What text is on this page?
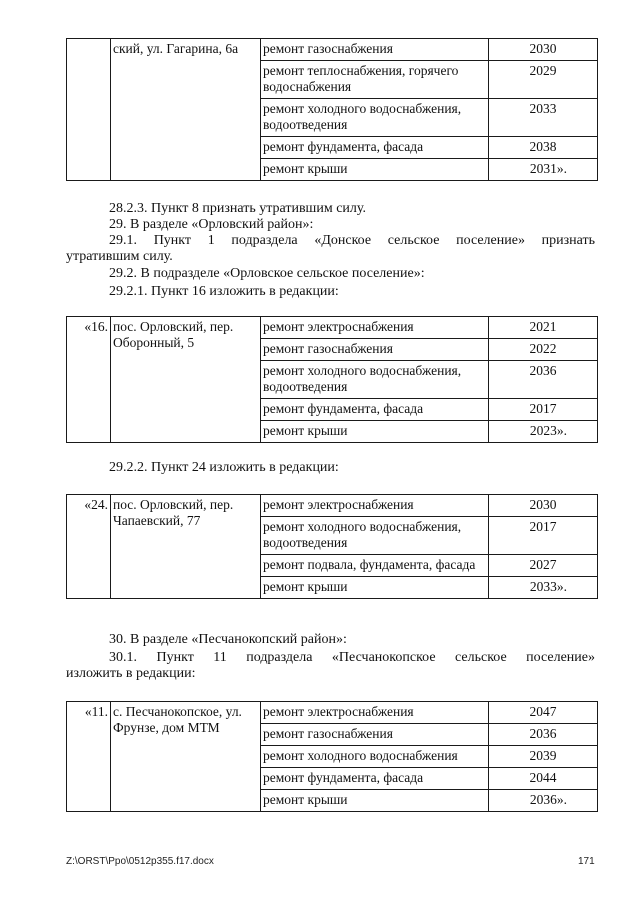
	ский, ул. Гагарина, 6а	ремонт газоснабжения	2030
		ремонт теплоснабжения, горячего водоснабжения	2029
		ремонт холодного водоснабжения, водоотведения	2033
		ремонт фундамента, фасада	2038
		ремонт крыши	2031».

28.2.3. Пункт 8 признать утратившим силу.

29. В разделе «Орловский район»:

29.1. Пункт 1 подраздела «Донское сельское поселение» признать

утратившим силу.

29.2. В подразделе «Орловское сельское поселение»:

29.2.1. Пункт 16 изложить в редакции:

«16.	пос. Орловский, пер. Оборонный, 5	ремонт электроснабжения	2021
		ремонт газоснабжения	2022
		ремонт холодного водоснабжения, водоотведения	2036
		ремонт фундамента, фасада	2017
		ремонт крыши	2023».

29.2.2. Пункт 24 изложить в редакции:

«24.	пос. Орловский, пер. Чапаевский, 77	ремонт электроснабжения	2030
		ремонт холодного водоснабжения, водоотведения	2017
		ремонт подвала, фундамента, фасада	2027
		ремонт крыши	2033».

30. В разделе «Песчанокопский район»:

30.1. Пункт 11 подраздела «Песчанокопское сельское поселение»

изложить в редакции:

«11.	с. Песчанокопское, ул. Фрунзе, дом МТМ	ремонт электроснабжения	2047
		ремонт газоснабжения	2036
		ремонт холодного водоснабжения	2039
		ремонт фундамента, фасада	2044
		ремонт крыши	2036».
Z:\ORST\Ppo\0512p355.f17.docx	171
